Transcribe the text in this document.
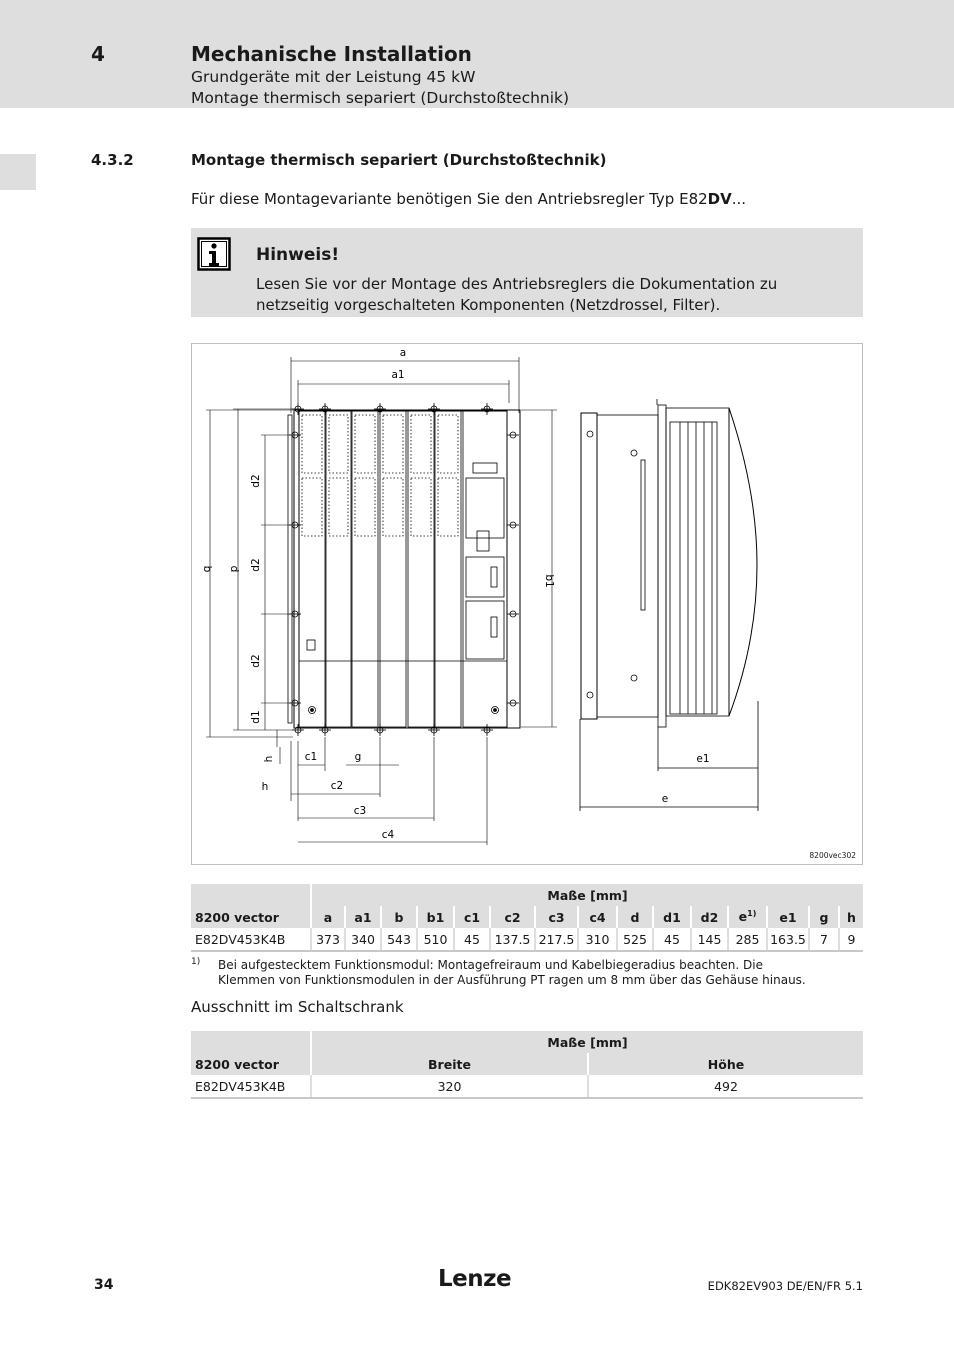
4	Mechanische Installation
Grundgeräte mit der Leistung 45 kW
Montage thermisch separiert (Durchstoßtechnik)
4.3.2	Montage thermisch separiert (Durchstoßtechnik)
Für diese Montagevariante benötigen Sie den Antriebsregler Typ E82DV...
Hinweis!
Lesen Sie vor der Montage des Antriebsreglers die Dokumentation zu netzseitig vorgeschalteten Komponenten (Netzdrossel, Filter).
a
a1
b d
d2
d2
d2
d1
b1
h	c1	g
h	c2
c3
c4
e1
e
8200vec302
	Maße [mm]														
8200 vector	a	a1	b	b1	c1	c2	c3	c4	d	d1	d2	$e^{1)}$	e1	g	h
E82DV453K4B	373	340	543	510	45	137.5	217.5	310	525	45	145	285	163.5	7	9
1) Bei aufgestecktem Funktionsmodul: Montagefreiraum und Kabelbiegeradius beachten. Die Klemmen von Funktionsmodulen in der Ausführung PT ragen um 8 mm über das Gehäuse hinaus.
Ausschnitt im Schaltschrank
	Maße [mm]	
8200 vector	Breite	Höhe
E82DV453K4B	320	492
34	Lenze	EDK82EV903 DE/EN/FR 5.1
